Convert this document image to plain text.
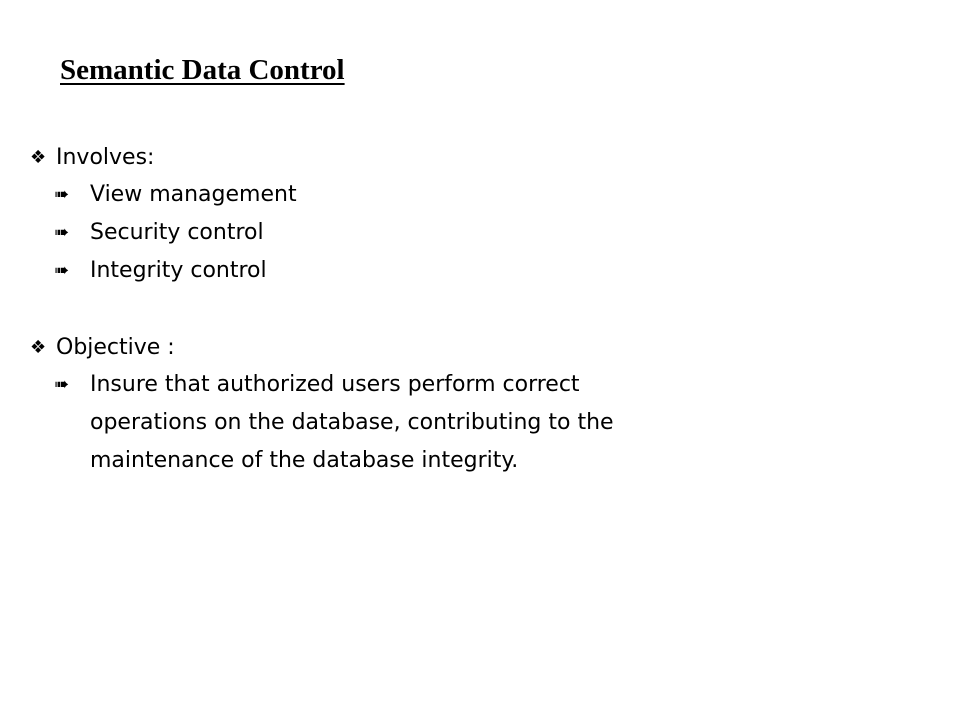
Semantic Data Control
❖ Involves:
➠ View management
➠ Security control
➠ Integrity control
❖ Objective :
➠ Insure that authorized users perform correct operations on the database, contributing to the maintenance of the database integrity.
